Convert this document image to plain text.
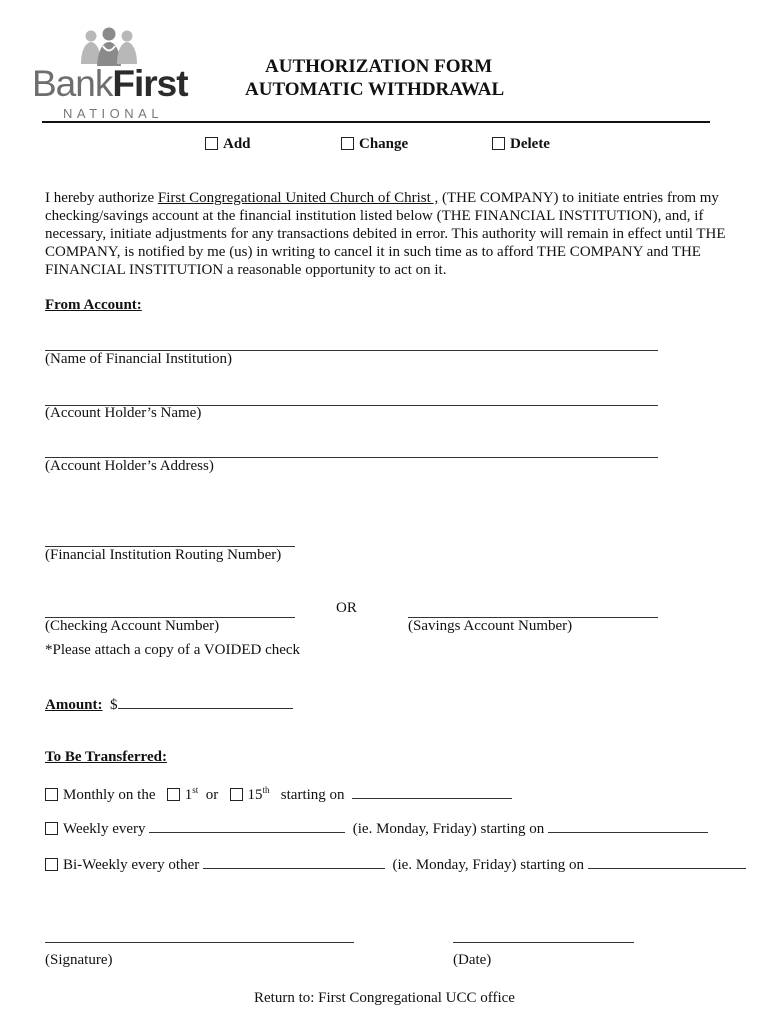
BankFirst
NATIONAL
AUTHORIZATION FORM
AUTOMATIC WITHDRAWAL
Add	Change	Delete

I hereby authorize First Congregational United Church of Christ , (THE COMPANY) to initiate entries from my checking/savings account at the financial institution listed below (THE FINANCIAL INSTITUTION), and, if necessary, initiate adjustments for any transactions debited in error. This authority will remain in effect until THE COMPANY, is notified by me (us) in writing to cancel it in such time as to afford THE COMPANY and THE FINANCIAL INSTITUTION a reasonable opportunity to act on it.

From Account:
(Name of Financial Institution)
(Account Holder’s Name)
(Account Holder’s Address)
(Financial Institution Routing Number)
OR
(Checking Account Number)	(Savings Account Number)
*Please attach a copy of a VOIDED check
Amount: $
To Be Transferred:
Monthly on the 1st or 15th starting on
Weekly every	(ie. Monday, Friday) starting on
Bi-Weekly every other	(ie. Monday, Friday) starting on
(Signature)	(Date)
Return to: First Congregational UCC office
